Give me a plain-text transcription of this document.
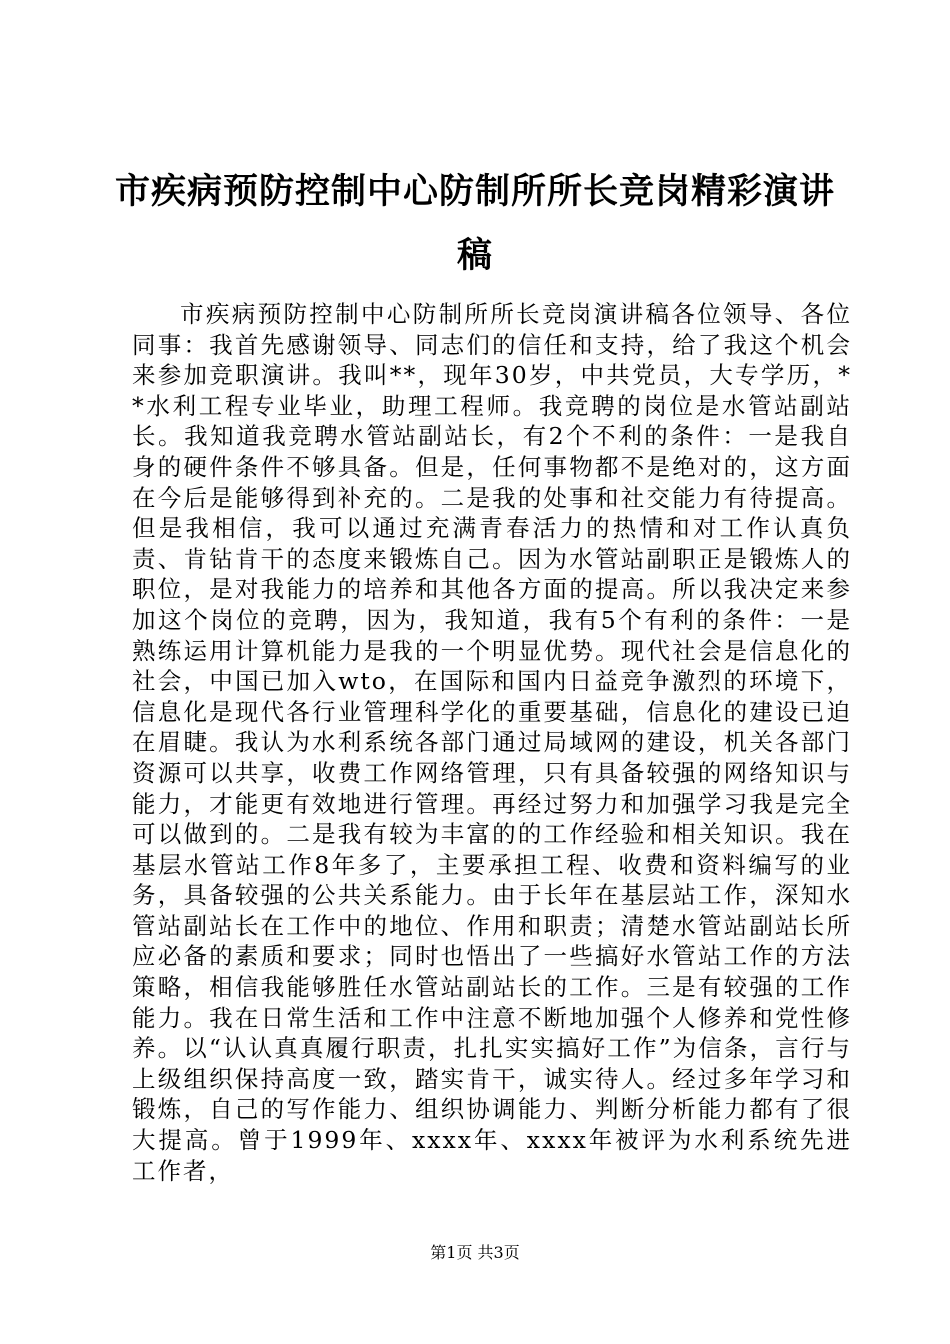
市疾病预防控制中心防制所所长竞岗精彩演讲稿

市疾病预防控制中心防制所所长竞岗演讲稿各位领导、各位同事：我首先感谢领导、同志们的信任和支持，给了我这个机会来参加竞职演讲。我叫**，现年30岁，中共党员，大专学历，**水利工程专业毕业，助理工程师。我竞聘的岗位是水管站副站长。我知道我竞聘水管站副站长，有2个不利的条件：一是我自身的硬件条件不够具备。但是，任何事物都不是绝对的，这方面在今后是能够得到补充的。二是我的处事和社交能力有待提高。但是我相信，我可以通过充满青春活力的热情和对工作认真负责、肯钻肯干的态度来锻炼自己。因为水管站副职正是锻炼人的职位，是对我能力的培养和其他各方面的提高。所以我决定来参加这个岗位的竞聘，因为，我知道，我有5个有利的条件：一是熟练运用计算机能力是我的一个明显优势。现代社会是信息化的社会，中国已加入wto，在国际和国内日益竞争激烈的环境下，信息化是现代各行业管理科学化的重要基础，信息化的建设已迫在眉睫。我认为水利系统各部门通过局域网的建设，机关各部门资源可以共享，收费工作网络管理，只有具备较强的网络知识与能力，才能更有效地进行管理。再经过努力和加强学习我是完全可以做到的。二是我有较为丰富的的工作经验和相关知识。我在基层水管站工作8年多了，主要承担工程、收费和资料编写的业务，具备较强的公共关系能力。由于长年在基层站工作，深知水管站副站长在工作中的地位、作用和职责；清楚水管站副站长所应必备的素质和要求；同时也悟出了一些搞好水管站工作的方法策略，相信我能够胜任水管站副站长的工作。三是有较强的工作能力。我在日常生活和工作中注意不断地加强个人修养和党性修养。以“认认真真履行职责，扎扎实实搞好工作”为信条，言行与上级组织保持高度一致，踏实肯干，诚实待人。经过多年学习和锻炼，自己的写作能力、组织协调能力、判断分析能力都有了很大提高。曾于1999年、xxxx年、xxxx年被评为水利系统先进工作者，

第1页 共3页
